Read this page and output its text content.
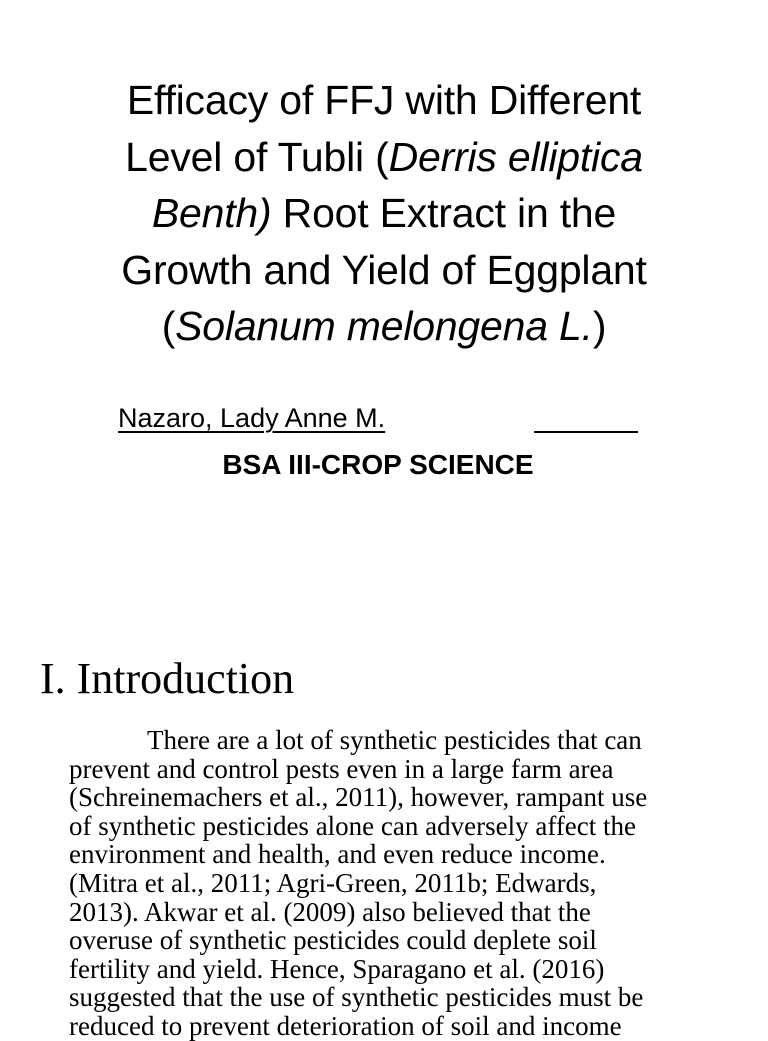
Efficacy of FFJ with Different
Level of Tubli (Derris elliptica
Benth) Root Extract in the
Growth and Yield of Eggplant
(Solanum melongena L.)
Nazaro, Lady Anne M.
BSA III-CROP SCIENCE
I. Introduction
There are a lot of synthetic pesticides that can
prevent and control pests even in a large farm area
(Schreinemachers et al., 2011), however, rampant use
of synthetic pesticides alone can adversely affect the
environment and health, and even reduce income.
(Mitra et al., 2011; Agri-Green, 2011b; Edwards,
2013). Akwar et al. (2009) also believed that the
overuse of synthetic pesticides could deplete soil
fertility and yield. Hence, Sparagano et al. (2016)
suggested that the use of synthetic pesticides must be
reduced to prevent deterioration of soil and income
